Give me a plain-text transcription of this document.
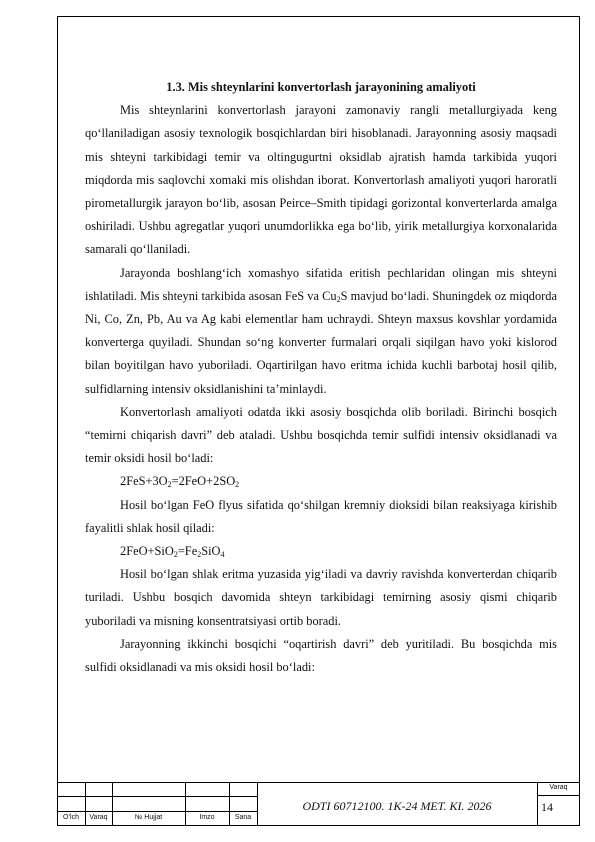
1.3. Mis shteynlarini konvertorlash jarayonining amaliyoti

Mis shteynlarini konvertorlash jarayoni zamonaviy rangli metallurgiyada keng qo‘llaniladigan asosiy texnologik bosqichlardan biri hisoblanadi. Jarayonning asosiy maqsadi mis shteyni tarkibidagi temir va oltingugurtni oksidlab ajratish hamda tarkibida yuqori miqdorda mis saqlovchi xomaki mis olishdan iborat. Konvertorlash amaliyoti yuqori haroratli pirometallurgik jarayon bo‘lib, asosan Peirce–Smith tipidagi gorizontal konverterlarda amalga oshiriladi. Ushbu agregatlar yuqori unumdorlikka ega bo‘lib, yirik metallurgiya korxonalarida samarali qo‘llaniladi.

Jarayonda boshlang‘ich xomashyo sifatida eritish pechlaridan olingan mis shteyni ishlatiladi. Mis shteyni tarkibida asosan FeS va $Cu_2S$ mavjud bo‘ladi. Shuningdek oz miqdorda Ni, Co, Zn, Pb, Au va Ag kabi elementlar ham uchraydi. Shteyn maxsus kovshlar yordamida konverterga quyiladi. Shundan so‘ng konverter furmalari orqali siqilgan havo yoki kislorod bilan boyitilgan havo yuboriladi. Oqartirilgan havo eritma ichida kuchli barbotaj hosil qilib, sulfidlarning intensiv oksidlanishini ta’minlaydi.

Konvertorlash amaliyoti odatda ikki asosiy bosqichda olib boriladi. Birinchi bosqich “temirni chiqarish davri” deb ataladi. Ushbu bosqichda temir sulfidi intensiv oksidlanadi va temir oksidi hosil bo‘ladi:

$2FeS+3O_2=2FeO+2SO_2$

Hosil bo‘lgan FeO flyus sifatida qo‘shilgan kremniy dioksidi bilan reaksiyaga kirishib fayalitli shlak hosil qiladi:

$2FeO+SiO_2=Fe_2SiO_4$

Hosil bo‘lgan shlak eritma yuzasida yig‘iladi va davriy ravishda konverterdan chiqarib turiladi. Ushbu bosqich davomida shteyn tarkibidagi temirning asosiy qismi chiqarib yuboriladi va misning konsentratsiyasi ortib boradi.

Jarayonning ikkinchi bosqichi “oqartirish davri” deb yuritiladi. Bu bosqichda mis sulfidi oksidlanadi va mis oksidi hosil bo‘ladi:

O‘lch	Varaq	№ Hujjat	Imzo	Sana
ODTI 60712100. 1K-24 MET. KI. 2026
Varaq
14
